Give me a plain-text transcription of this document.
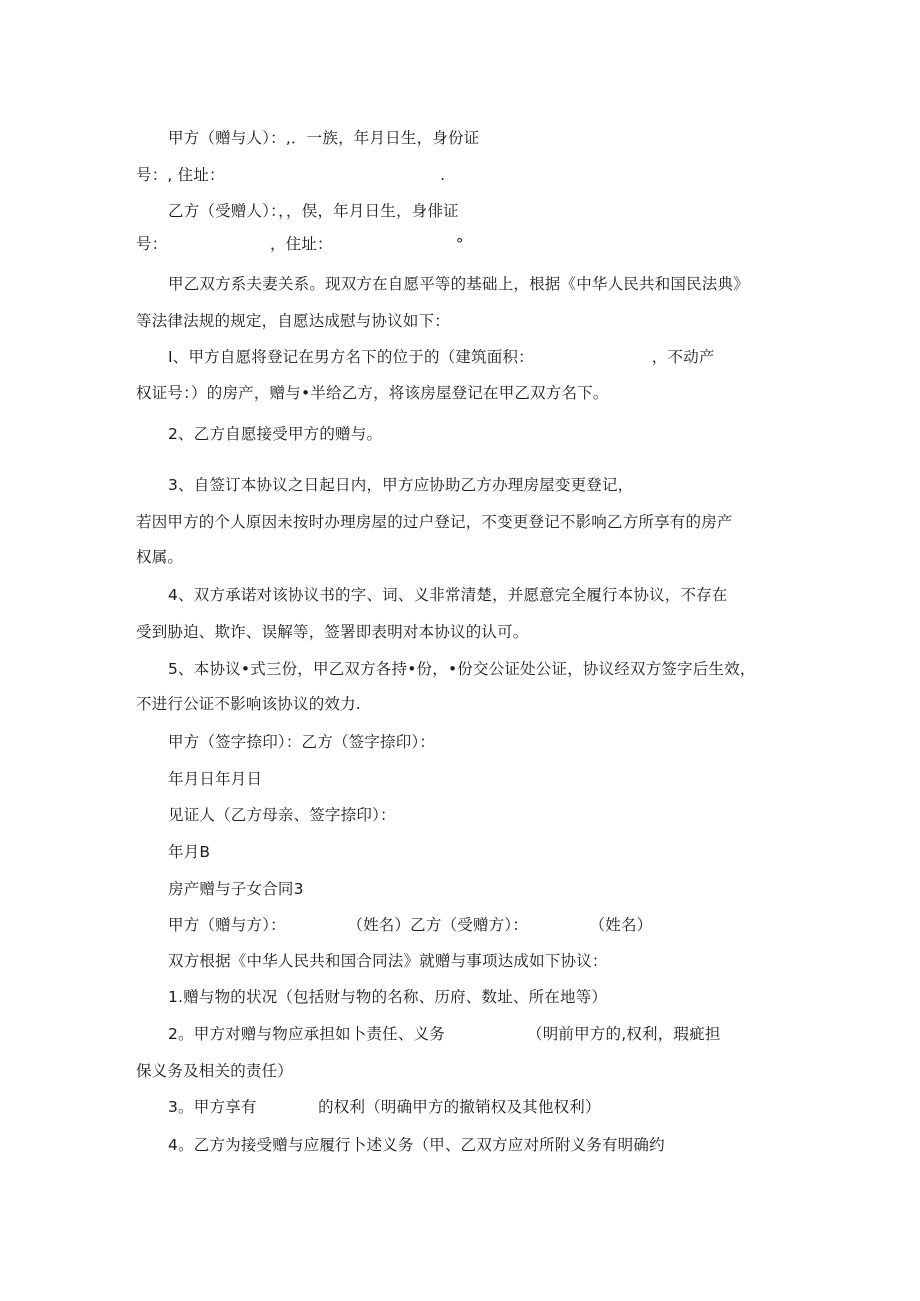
甲方（赠与人）：,．一族，年月日生，身份证
号：, 住址：                                          .
乙方（受赠人）：，，俣，年月日生，身俳证
号：                    ，住址：                        °
甲乙双方系夫妻关系。现双方在自愿平等的基础上，根据《中华人民共和国民法典》
等法律法规的规定，自愿达成慰与协议如下：
I、甲方自愿将登记在男方名下的位于的（建筑面积：                       ，不动产
权证号：）的房产，赠与•半给乙方，将该房屋登记在甲乙双方名下。
2、乙方自愿接受甲方的赠与。
3、自签订本协议之日起日内，甲方应协助乙方办理房屋变更登记，
若因甲方的个人原因未按时办理房屋的过户登记，不变更登记不影响乙方所享有的房产
权属。
4、双方承诺对该协议书的字、词、义非常清楚，并愿意完全履行本协议，不存在
受到胁迫、欺诈、误解等，签署即表明对本协议的认可。
5、本协议•式三份，甲乙双方各持•份，•份交公证处公证，协议经双方签字后生效，
不进行公证不影响该协议的效力.
甲方（签字捺印）：乙方（签字捺印）：
年月日年月日
见证人（乙方母亲、签字捺印）：
年月B
房产赠与子女合同3
甲方（赠与方）：            （姓名）乙方（受赠方）：            （姓名）
双方根据《中华人民共和国合同法》就赠与事项达成如下协议：
1.赠与物的状况（包括财与物的名称、历府、数址、所在地等）
2。甲方对赠与物应承担如卜责任、义务                （明前甲方的,权利，瑕疵担
保义务及相关的责任）
3。甲方享有            的权利（明确甲方的撤销权及其他权利）
4。乙方为接受赠与应履行卜述义务（甲、乙双方应对所附义务有明确约
